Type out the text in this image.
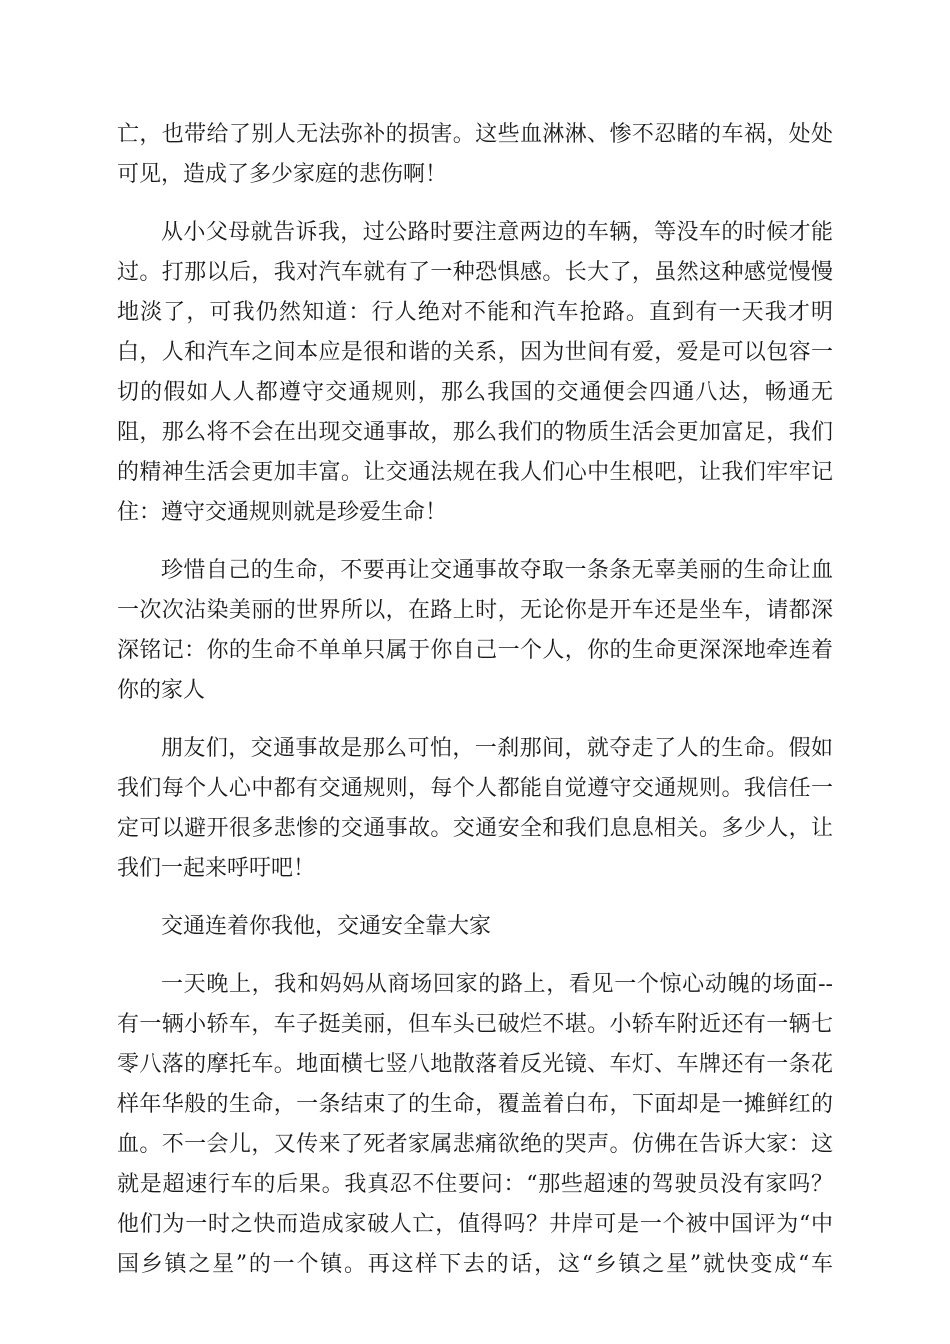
亡，也带给了别人无法弥补的损害。这些血淋淋、惨不忍睹的车祸，处处
可见，造成了多少家庭的悲伤啊！
从小父母就告诉我，过公路时要注意两边的车辆，等没车的时候才能
过。打那以后，我对汽车就有了一种恐惧感。长大了，虽然这种感觉慢慢
地淡了，可我仍然知道：行人绝对不能和汽车抢路。直到有一天我才明
白，人和汽车之间本应是很和谐的关系，因为世间有爱，爱是可以包容一
切的假如人人都遵守交通规则，那么我国的交通便会四通八达，畅通无
阻，那么将不会在出现交通事故，那么我们的物质生活会更加富足，我们
的精神生活会更加丰富。让交通法规在我人们心中生根吧，让我们牢牢记
住：遵守交通规则就是珍爱生命！
珍惜自己的生命，不要再让交通事故夺取一条条无辜美丽的生命让血
一次次沾染美丽的世界所以，在路上时，无论你是开车还是坐车，请都深
深铭记：你的生命不单单只属于你自己一个人，你的生命更深深地牵连着
你的家人
朋友们，交通事故是那么可怕，一刹那间，就夺走了人的生命。假如
我们每个人心中都有交通规则，每个人都能自觉遵守交通规则。我信任一
定可以避开很多悲惨的交通事故。交通安全和我们息息相关。多少人，让
我们一起来呼吁吧！
交通连着你我他，交通安全靠大家
一天晚上，我和妈妈从商场回家的路上，看见一个惊心动魄的场面--
有一辆小轿车，车子挺美丽，但车头已破烂不堪。小轿车附近还有一辆七
零八落的摩托车。地面横七竖八地散落着反光镜、车灯、车牌还有一条花
样年华般的生命，一条结束了的生命，覆盖着白布，下面却是一摊鲜红的
血。不一会儿，又传来了死者家属悲痛欲绝的哭声。仿佛在告诉大家：这
就是超速行车的后果。我真忍不住要问：“那些超速的驾驶员没有家吗？
他们为一时之快而造成家破人亡，值得吗？井岸可是一个被中国评为“中
国乡镇之星”的一个镇。再这样下去的话，这“乡镇之星”就快变成“车
